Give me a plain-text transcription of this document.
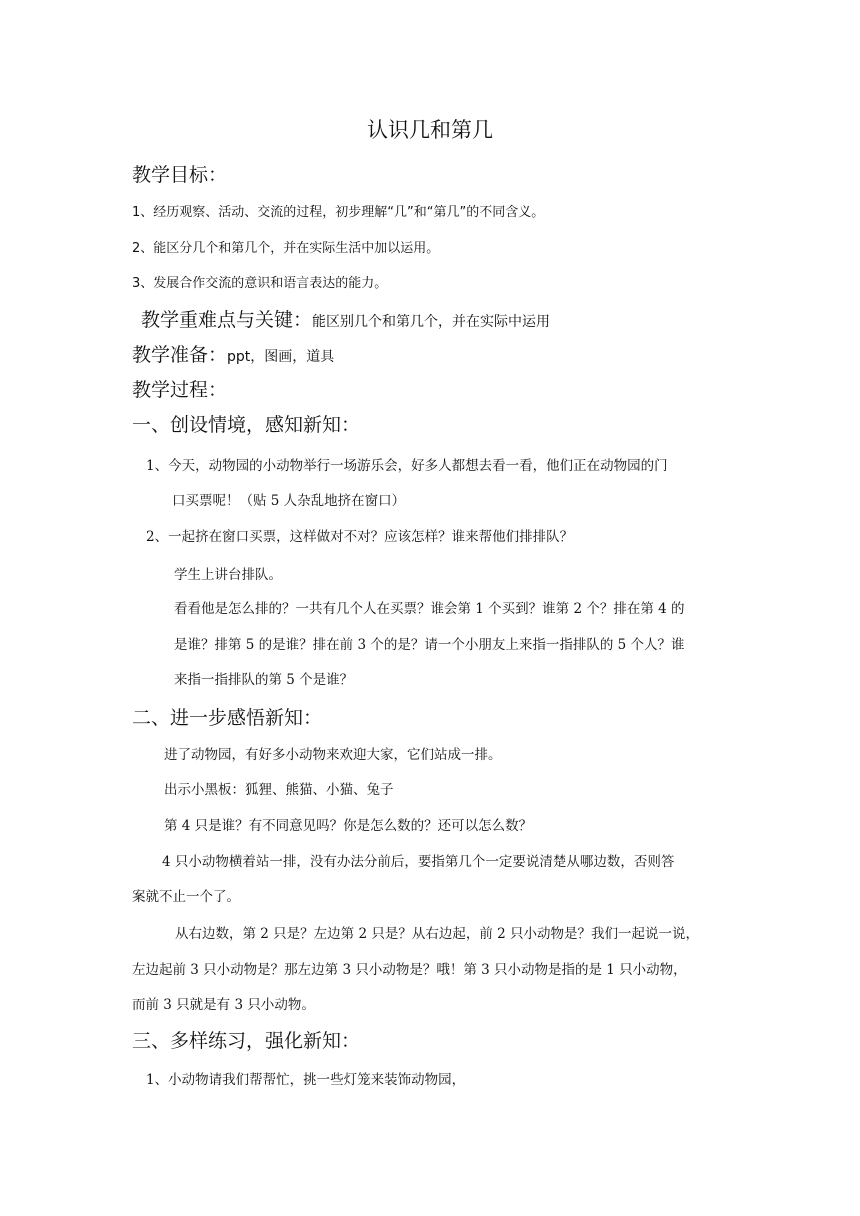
认识几和第几
教学目标：
1、经历观察、活动、交流的过程，初步理解“几”和“第几”的不同含义。
2、能区分几个和第几个，并在实际生活中加以运用。
3、发展合作交流的意识和语言表达的能力。
教学重难点与关键：能区别几个和第几个，并在实际中运用
教学准备：ppt，图画，道具
教学过程：
一、创设情境，感知新知：
1、今天，动物园的小动物举行一场游乐会，好多人都想去看一看，他们正在动物园的门
口买票呢！（贴 5 人杂乱地挤在窗口）
2、一起挤在窗口买票，这样做对不对？应该怎样？谁来帮他们排排队？
学生上讲台排队。
看看他是怎么排的？一共有几个人在买票？谁会第 1 个买到？谁第 2 个？排在第 4 的
是谁？排第 5 的是谁？排在前 3 个的是？请一个小朋友上来指一指排队的 5 个人？谁
来指一指排队的第 5 个是谁？
二、进一步感悟新知：
进了动物园，有好多小动物来欢迎大家，它们站成一排。
出示小黑板：狐狸、熊猫、小猫、兔子
第 4 只是谁？有不同意见吗？你是怎么数的？还可以怎么数？
4 只小动物横着站一排，没有办法分前后，要指第几个一定要说清楚从哪边数，否则答
案就不止一个了。
从右边数，第 2 只是？左边第 2 只是？从右边起，前 2 只小动物是？我们一起说一说，
左边起前 3 只小动物是？那左边第 3 只小动物是？哦！第 3 只小动物是指的是 1 只小动物，
而前 3 只就是有 3 只小动物。
三、多样练习，强化新知：
1、小动物请我们帮帮忙，挑一些灯笼来装饰动物园，
